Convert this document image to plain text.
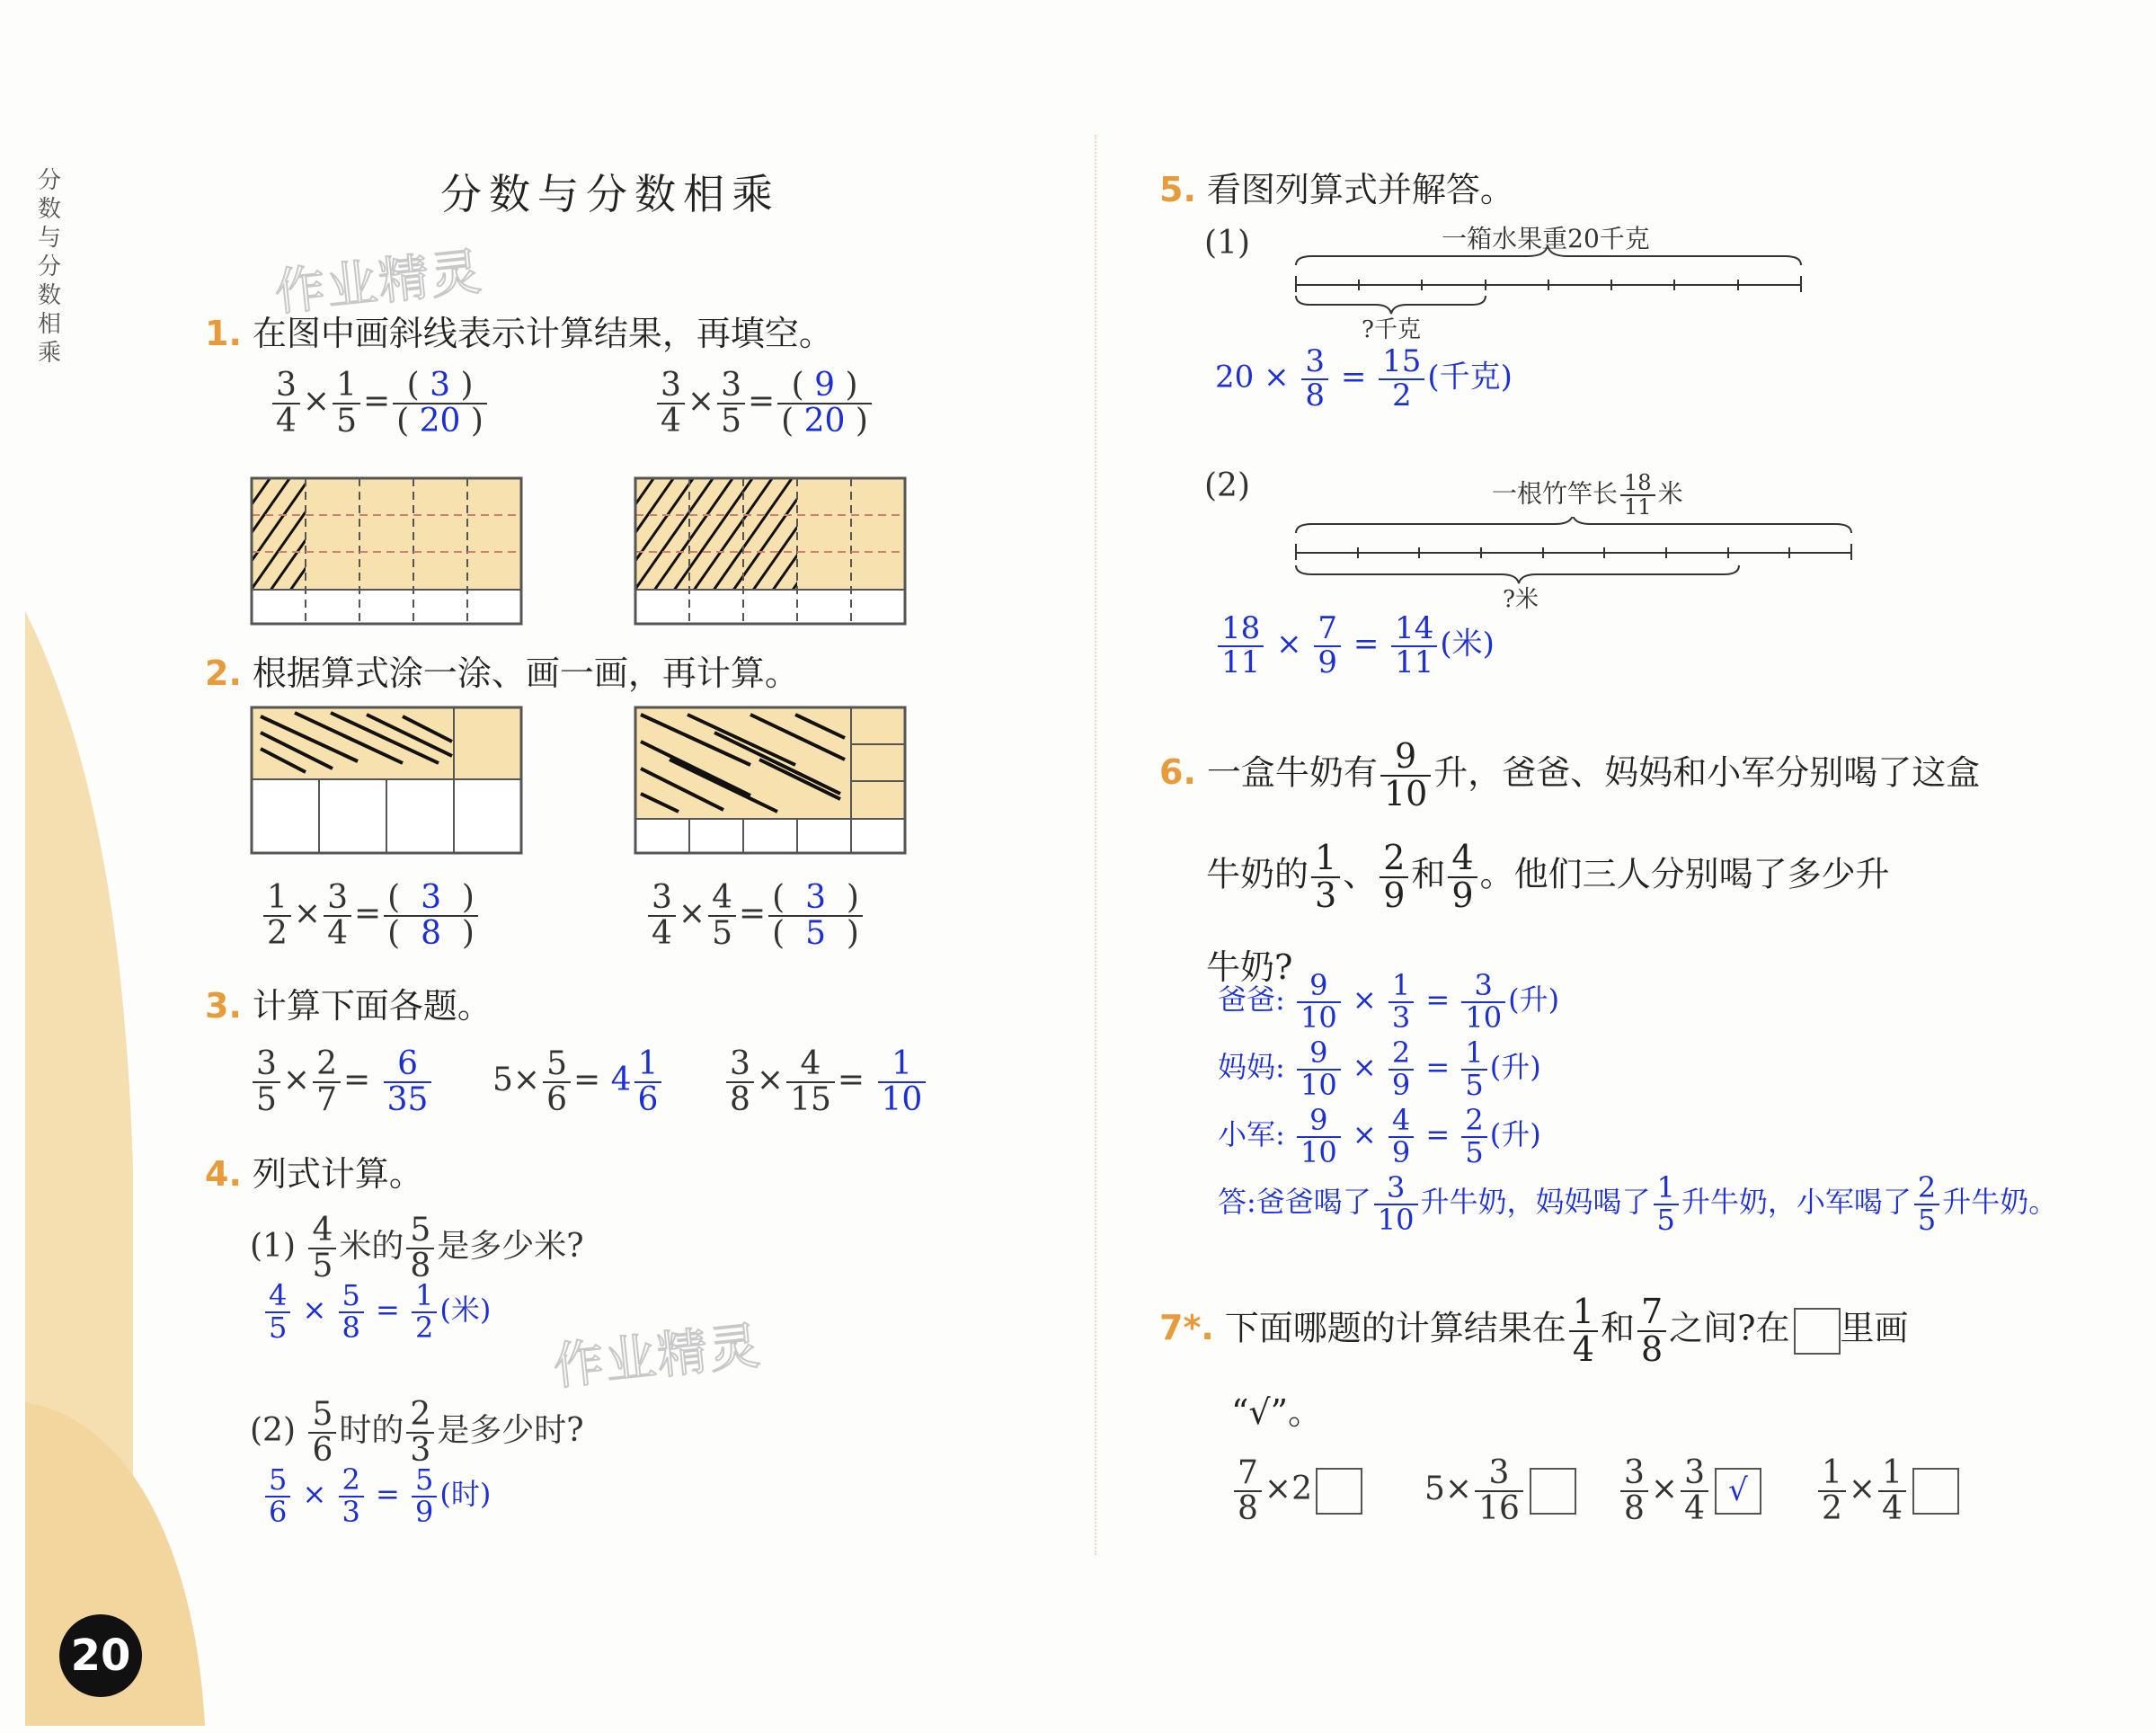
分数与分数相乘
20
分数与分数相乘
作业精灵
作业精灵
1. 在图中画斜线表示计算结果，再填空。
$\frac{3}{4} \times \frac{1}{5} = \frac{( 3 )}{( 20 )}$	$\frac{3}{4} \times \frac{3}{5} = \frac{( 9 )}{( 20 )}$
2. 根据算式涂一涂、画一画，再计算。
$\frac{1}{2} \times \frac{3}{4} = \frac{( 3 )}{( 8 )}$	$\frac{3}{4} \times \frac{4}{5} = \frac{( 3 )}{( 5 )}$
3. 计算下面各题。
$\frac{3}{5} \times \frac{2}{7} = \frac{6}{35} 5\times \frac{5}{6} = 4 \frac{1}{6} \frac{3}{8} \times \frac{4}{15} = \frac{1}{10}$
4. 列式计算。
$(1) \frac{4}{5}$ 米的 $\frac{5}{8}$ 是多少米?
$\frac{4}{5} \times \frac{5}{8} = \frac{1}{2}$ (米)
$(2) \frac{5}{6}$ 时的 $\frac{2}{3}$ 是多少时?
$\frac{5}{6} \times \frac{2}{3} = \frac{5}{9}$ (时)
5. 看图列算式并解答。
(1)	一箱水果重20千克
?千克
$20 \times \frac{3}{8} = \frac{15}{2}$ (千克)
(2)	一根竹竿长 $\frac{18}{11}$ 米
?米
$\frac{18}{11} \times \frac{7}{9} = \frac{14}{11}$ (米)
6. 一盒牛奶有 $\frac{9}{10}$ 升，爸爸、妈妈和小军分别喝了这盒
牛奶的 $\frac{1}{3}$ 、 $\frac{2}{9}$ 和 $\frac{4}{9}$ 。他们三人分别喝了多少升
牛奶?
爸爸: $\frac{9}{10} \times \frac{1}{3} = \frac{3}{10}$ (升)
妈妈: $\frac{9}{10} \times \frac{2}{9} = \frac{1}{5}$ (升)
小军: $\frac{9}{10} \times \frac{4}{9} = \frac{2}{5}$ (升)
答:爸爸喝了 $\frac{3}{10}$ 升牛奶，妈妈喝了 $\frac{1}{5}$ 升牛奶，小军喝了 $\frac{2}{5}$ 升牛奶。
7*. 下面哪题的计算结果在 $\frac{1}{4}$ 和 $\frac{7}{8}$ 之间?在 里画
“√”。
$\frac{7}{8} \times 2$	$5\times \frac{3}{16}$	$\frac{3}{8} \times \frac{3}{4}$ √	$\frac{1}{2} \times \frac{1}{4}$
